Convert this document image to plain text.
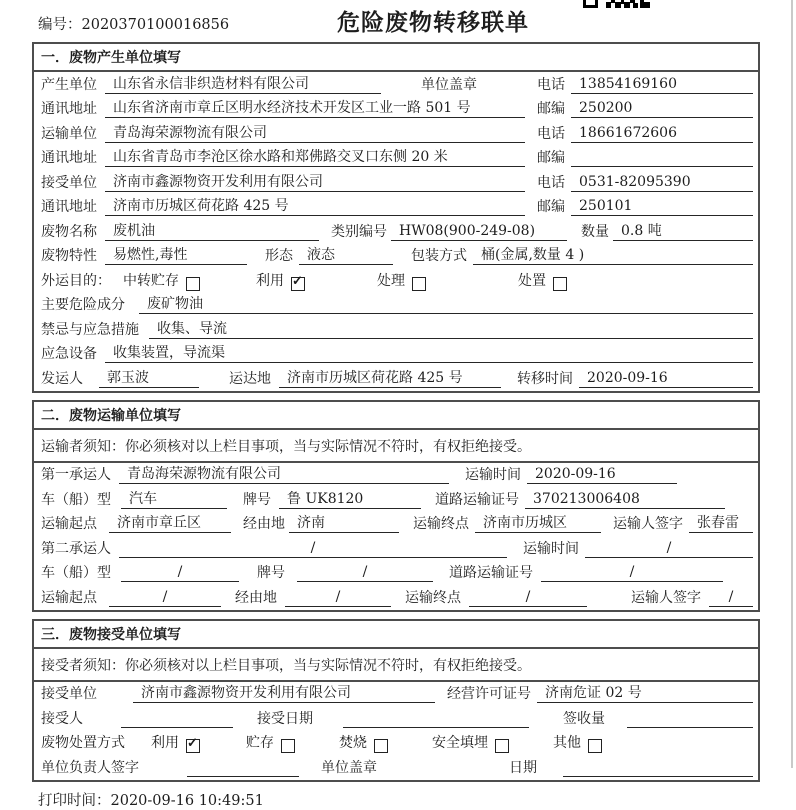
编号：2020370100016856	危险废物转移联单
一．废物产生单位填写
产生单位	山东省永信非织造材料有限公司	单位盖章	电话	13854169160
通讯地址	山东省济南市章丘区明水经济技术开发区工业一路 501 号	邮编	250200
运输单位	青岛海荣源物流有限公司	电话	18661672606
通讯地址	山东省青岛市李沧区徐水路和郑佛路交叉口东侧 20 米	邮编
接受单位	济南市鑫源物资开发利用有限公司	电话	0531-82095390
通讯地址	济南市历城区荷花路 425 号	邮编	250101
废物名称	废机油	类别编号 HW08(900-249-08)	数量 0.8 吨
废物特性	易燃性,毒性	形态	液态	包装方式	桶(金属,数量 4 )
外运目的： 中转贮存	利用 ✓	处理	处置
主要危险成分	废矿物油
禁忌与应急措施	收集、导流
应急设备	收集装置，导流渠
发运人	郭玉波	运达地	济南市历城区荷花路 425 号	转移时间	2020-09-16
二．废物运输单位填写
运输者须知：你必须核对以上栏目事项，当与实际情况不符时，有权拒绝接受。
第一承运人	青岛海荣源物流有限公司	运输时间	2020-09-16
车（船）型	汽车	牌号	鲁 UK8120	道路运输证号	370213006408
运输起点	济南市章丘区	经由地 济南	运输终点	济南市历城区	运输人签字	张春雷
第二承运人	/	运输时间	/
车（船）型	/	牌号	/	道路运输证号	/
运输起点	/	经由地	/	运输终点	/	运输人签字	/
三．废物接受单位填写
接受者须知：你必须核对以上栏目事项，当与实际情况不符时，有权拒绝接受。
接受单位	济南市鑫源物资开发利用有限公司	经营许可证号	济南危证 02 号
接受人	接受日期	签收量
废物处置方式 利用 ✓	贮存	焚烧	安全填埋	其他
单位负责人签字	单位盖章	日期
打印时间：2020-09-16 10:49:51
